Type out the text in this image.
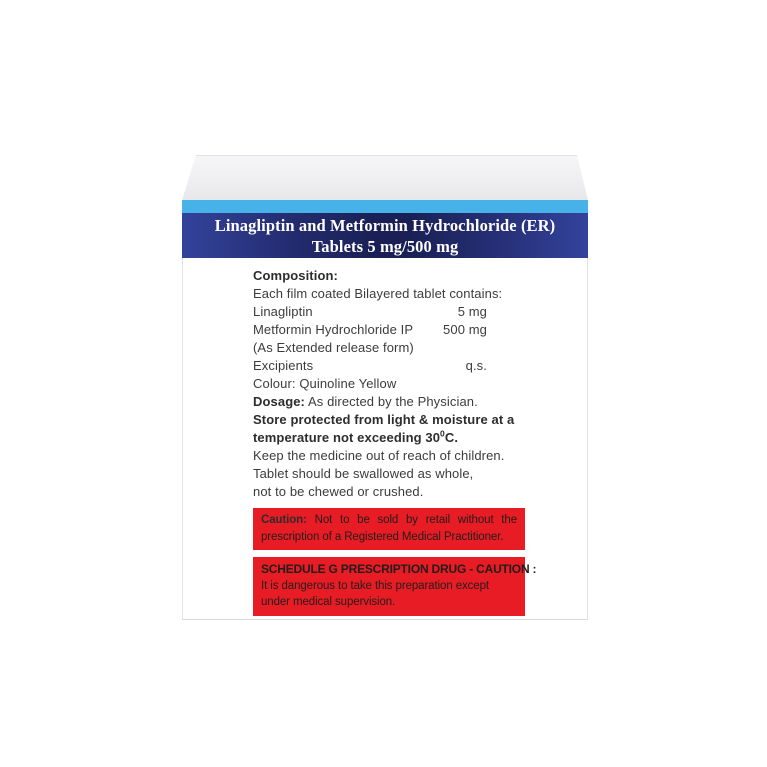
Linagliptin and Metformin Hydrochloride (ER)
Tablets 5 mg/500 mg
Composition:
Each film coated Bilayered tablet contains:
Linagliptin	5 mg
Metformin Hydrochloride IP 500 mg
(As Extended release form)
Excipients	q.s.
Colour: Quinoline Yellow
Dosage: As directed by the Physician.
Store protected from light & moisture at a
temperature not exceeding $30^0C$.
Keep the medicine out of reach of children.
Tablet should be swallowed as whole,
not to be chewed or crushed.
Caution: Not to be sold by retail without the prescription of a Registered Medical Practitioner.
SCHEDULE G PRESCRIPTION DRUG - CAUTION :
It is dangerous to take this preparation except
under medical supervision.
